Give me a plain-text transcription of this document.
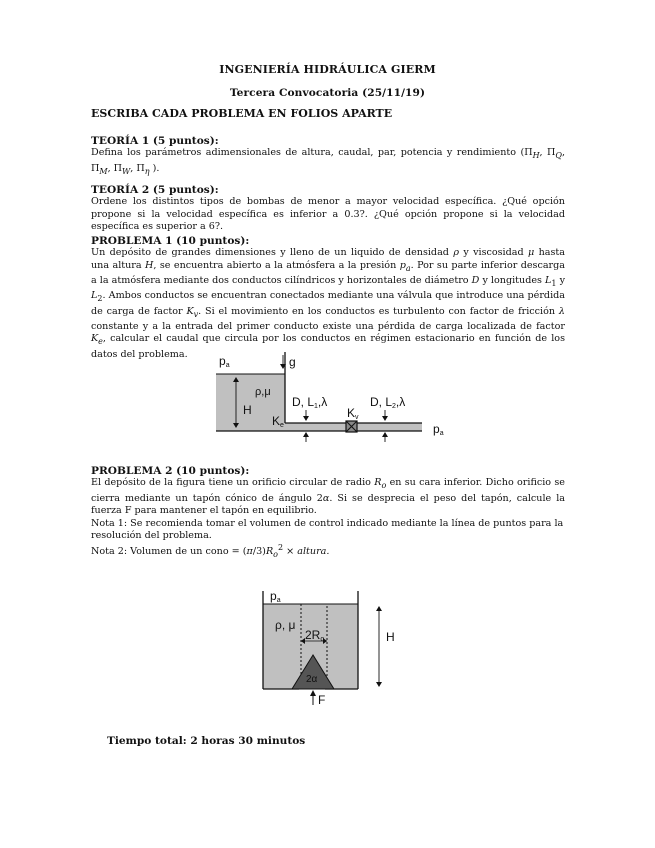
INGENIERÍA HIDRÁULICA GIERM
Tercera Convocatoria (25/11/19)

ESCRIBA CADA PROBLEMA EN FOLIOS APARTE

TEORÍA 1 (5 puntos):

Defina los parámetros adimensionales de altura, caudal, par, potencia y rendimiento ($\Pi_H$, $\Pi_Q$, $\Pi_M$, $\Pi_W$, $\Pi_\eta$ ).

TEORÍA 2 (5 puntos):

Ordene los distintos tipos de bombas de menor a mayor velocidad específica. ¿Qué opción propone si la velocidad específica es inferior a 0.3?. ¿Qué opción propone si la velocidad específica es superior a 6?.

PROBLEMA 1 (10 puntos):

Un depósito de grandes dimensiones y lleno de un liquido de densidad ρ y viscosidad μ hasta una altura H, se encuentra abierto a la atmósfera a la presión $p_a$. Por su parte inferior descarga a la atmósfera mediante dos conductos cilíndricos y horizontales de diámetro D y longitudes $L_1$ y $L_2$. Ambos conductos se encuentran conectados mediante una válvula que introduce una pérdida de carga de factor $K_v$. Si el movimiento en los conductos es turbulento con factor de fricción λ constante y a la entrada del primer conducto existe una pérdida de carga localizada de factor $K_e$, calcular el caudal que circula por los conductos en régimen estacionario en función de los datos del problema.	pa	g
ρ,μ
H
Ke
D, L1,λ
Kv
D, L2,λ
pa

PROBLEMA 2 (10 puntos):

El depósito de la figura tiene un orificio circular de radio $R_o$ en su cara inferior. Dicho orificio se cierra mediante un tapón cónico de ángulo 2α. Si se desprecia el peso del tapón, calcule la fuerza F para mantener el tapón en equilibrio.

Nota 1: Se recomienda tomar el volumen de control indicado mediante la línea de puntos para la resolución del problema.

Nota 2: Volumen de un cono = $(\pi/3)R_o^2$ × altura.

pa
ρ, μ
2Ro	H
2α
F

Tiempo total: 2 horas 30 minutos
